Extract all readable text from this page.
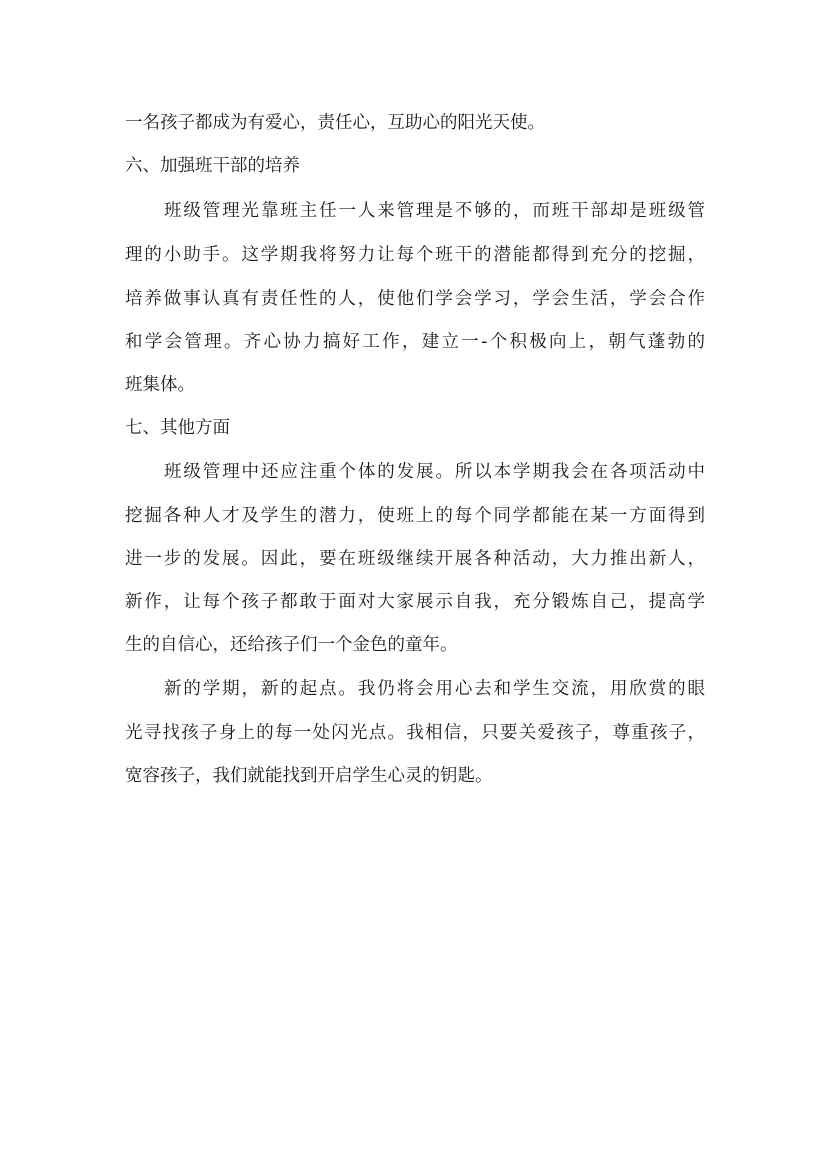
一名孩子都成为有爱心，责任心，互助心的阳光天使。
六、加强班干部的培养
班级管理光靠班主任一人来管理是不够的，而班干部却是班级管
理的小助手。这学期我将努力让每个班干的潜能都得到充分的挖掘，
培养做事认真有责任性的人，使他们学会学习，学会生活，学会合作
和学会管理。齐心协力搞好工作，建立一-个积极向上，朝气蓬勃的
班集体。
七、其他方面
班级管理中还应注重个体的发展。所以本学期我会在各项活动中
挖掘各种人才及学生的潜力，使班上的每个同学都能在某一方面得到
进一步的发展。因此，要在班级继续开展各种活动，大力推出新人，
新作，让每个孩子都敢于面对大家展示自我，充分锻炼自己，提高学
生的自信心，还给孩子们一个金色的童年。
新的学期，新的起点。我仍将会用心去和学生交流，用欣赏的眼
光寻找孩子身上的每一处闪光点。我相信，只要关爱孩子，尊重孩子，
宽容孩子，我们就能找到开启学生心灵的钥匙。
